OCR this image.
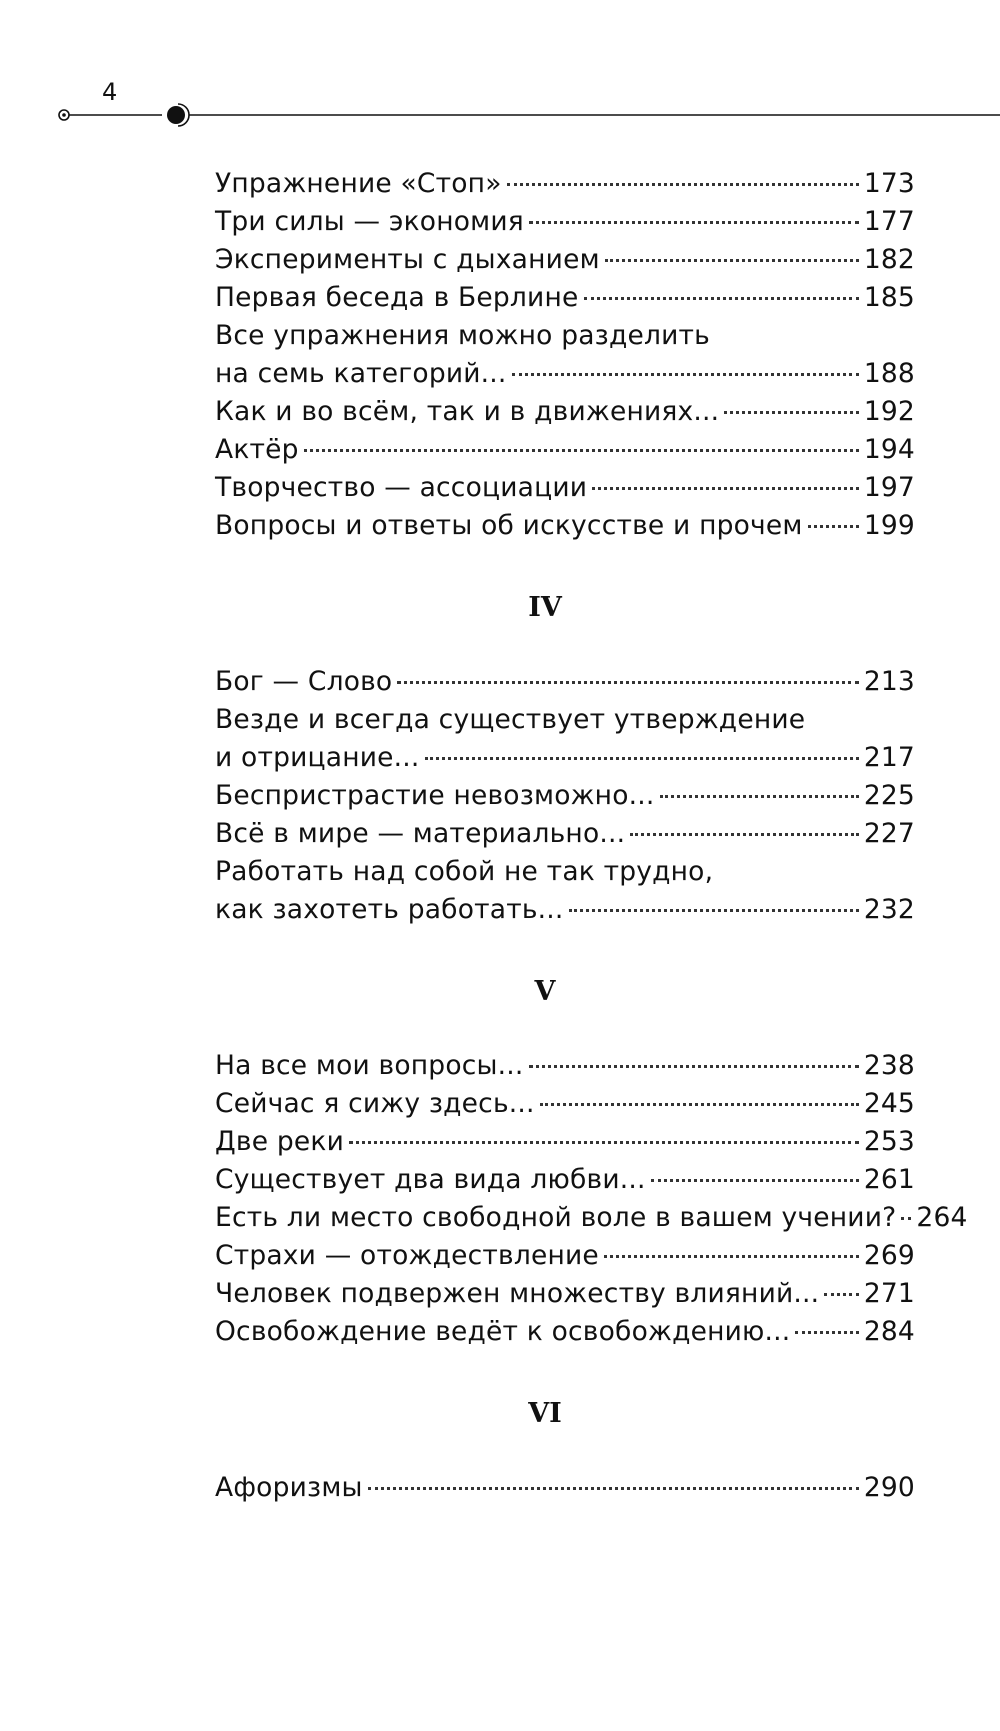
4
Упражнение «Стоп»	173
Три силы — экономия	177
Эксперименты с дыханием	182
Первая беседа в Берлине	185
Все упражнения можно разделить
на семь категорий...	188
Как и во всём, так и в движениях...	192
Актёр	194
Творчество — ассоциации	197
Вопросы и ответы об искусстве и прочем 199
IV
Бог — Слово	213
Везде и всегда существует утверждение
и отрицание...	217
Беспристрастие невозможно...	225
Всё в мире — материально...	227
Работать над собой не так трудно,
как захотеть работать...	232
V
На все мои вопросы...	238
Сейчас я сижу здесь...	245
Две реки	253
Существует два вида любви...	261
Есть ли место свободной воле в вашем учении? 264
Страхи — отождествление	269
Человек подвержен множеству влияний... 271
Освобождение ведёт к освобождению...	284
VI
Афоризмы	290
